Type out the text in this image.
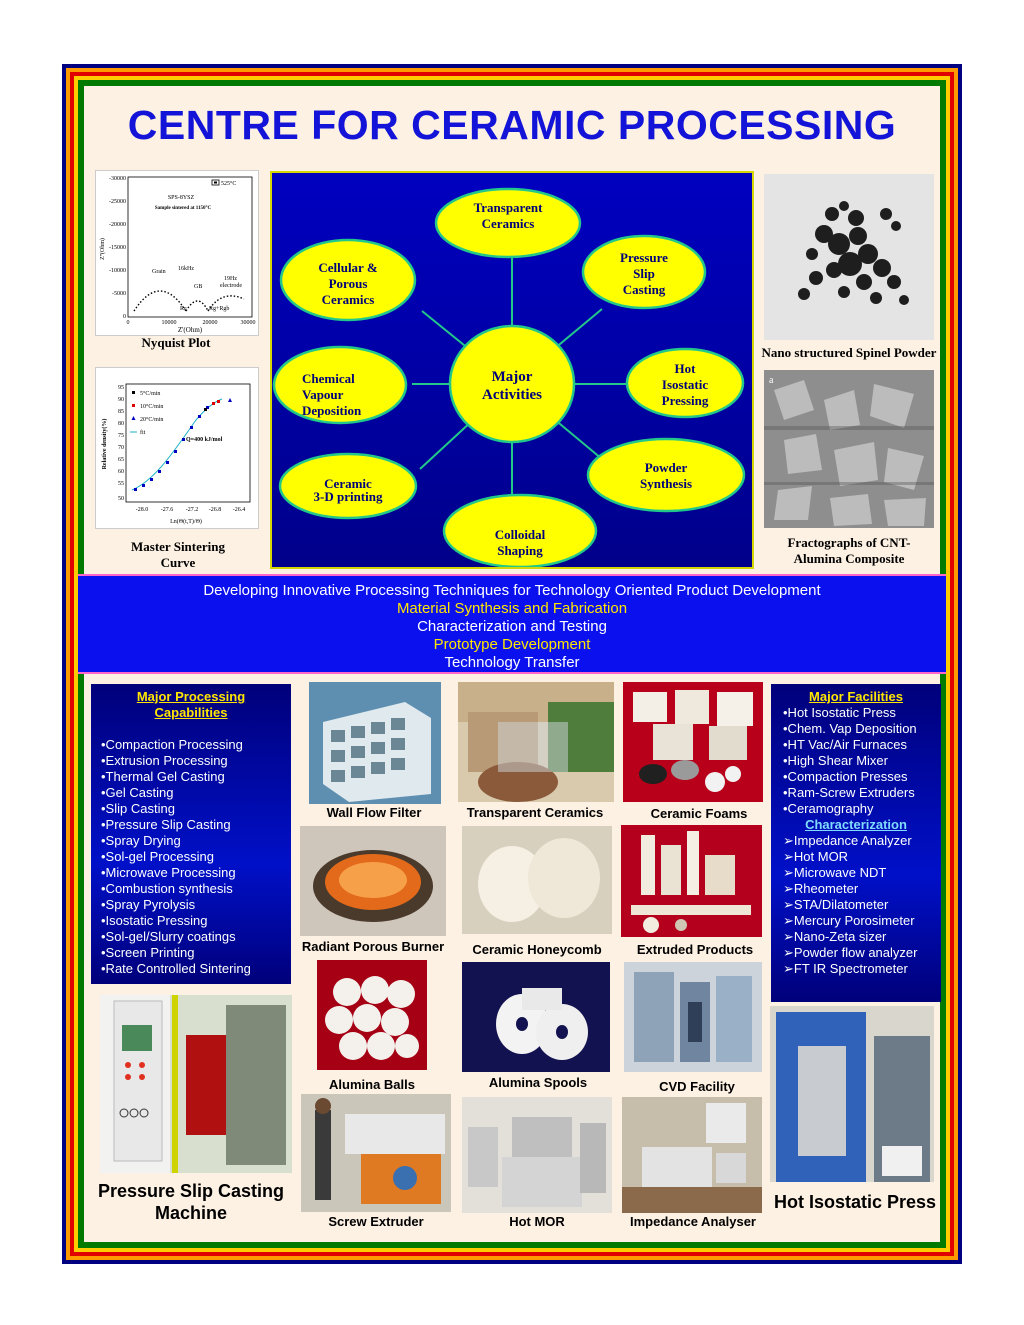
CENTRE FOR CERAMIC PROCESSING
-30000
-25000
-20000
-15000
-10000
-5000
0
0	10000	20000	30000
Z'(Ohm)
Z''(Ohm)
525°C
SPS-8YSZ
Sample sintered at 1150°C
Grain 16kHz
GB
19Hz
electrode
Rg+Rgb
Re
Nyquist Plot
95
90
85
80
75
70
65
60
55
50
-28.0 -27.6 -27.2 -26.8 -26.4
Ln(Θ(t,T)/Θ)
Relative density(%)
5°C/min
10°C/min
20°C/min
fit
Q=400 kJ/mol
Master Sintering
Curve
Major
Activities
Transparent
Ceramics
Pressure
Slip
Casting
Hot
Isostatic
Pressing
Powder
Synthesis
Colloidal
Shaping
Ceramic
3-D printing
Chemical
Vapour
Deposition
Cellular &
Porous
Ceramics
Nano structured Spinel Powder
a
Fractographs of CNT-
Alumina Composite
Developing Innovative Processing Techniques for Technology Oriented Product Development
Material Synthesis and Fabrication
Characterization and Testing
Prototype Development
Technology Transfer
Major Processing
Capabilities
•Compaction Processing
•Extrusion Processing
•Thermal Gel Casting
•Gel Casting
•Slip Casting
•Pressure Slip Casting
•Spray Drying
•Sol-gel Processing
•Microwave Processing
•Combustion synthesis
•Spray Pyrolysis
•Isostatic Pressing
•Sol-gel/Slurry coatings
•Screen Printing
•Rate Controlled Sintering
Major Facilities
•Hot Isostatic Press
•Chem. Vap Deposition
•HT Vac/Air Furnaces
•High Shear Mixer
•Compaction Presses
•Ram-Screw Extruders
•Ceramography
Characterization
➢Impedance Analyzer
➢Hot MOR
➢Microwave NDT
➢Rheometer
➢STA/Dilatometer
➢Mercury Porosimeter
➢Nano-Zeta sizer
➢Powder flow analyzer
➢FT IR Spectrometer
Wall Flow Filter	Transparent Ceramics	Ceramic Foams
Radiant Porous Burner	Ceramic Honeycomb	Extruded Products
Alumina Balls	Alumina Spools	CVD Facility
Screw Extruder	Hot MOR	Impedance Analyser
Pressure Slip Casting
Machine
Hot Isostatic Press
